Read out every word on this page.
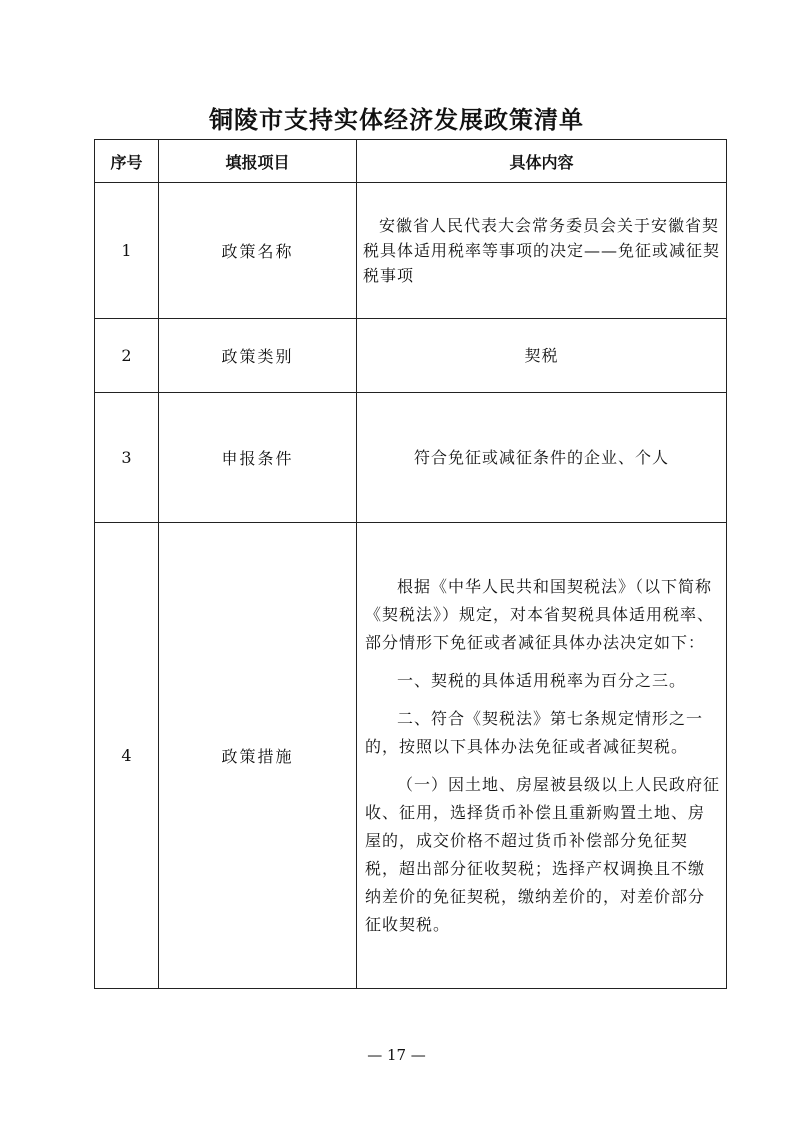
铜陵市支持实体经济发展政策清单
序号	填报项目	具体内容
1	政策名称	安徽省人民代表大会常务委员会关于安徽省契税具体适用税率等事项的决定——免征或减征契税事项

2	政策类别	契税
3	申报条件	符合免征或减征条件的企业、个人
4	政策措施	根据《中华人民共和国契税法》（以下简称《契税法》）规定，对本省契税具体适用税率、部分情形下免征或者减征具体办法决定如下：

一、契税的具体适用税率为百分之三。

二、符合《契税法》第七条规定情形之一的，按照以下具体办法免征或者减征契税。

（一）因土地、房屋被县级以上人民政府征收、征用，选择货币补偿且重新购置土地、房屋的，成交价格不超过货币补偿部分免征契税，超出部分征收契税；选择产权调换且不缴纳差价的免征契税，缴纳差价的，对差价部分征收契税。

— 17 —
